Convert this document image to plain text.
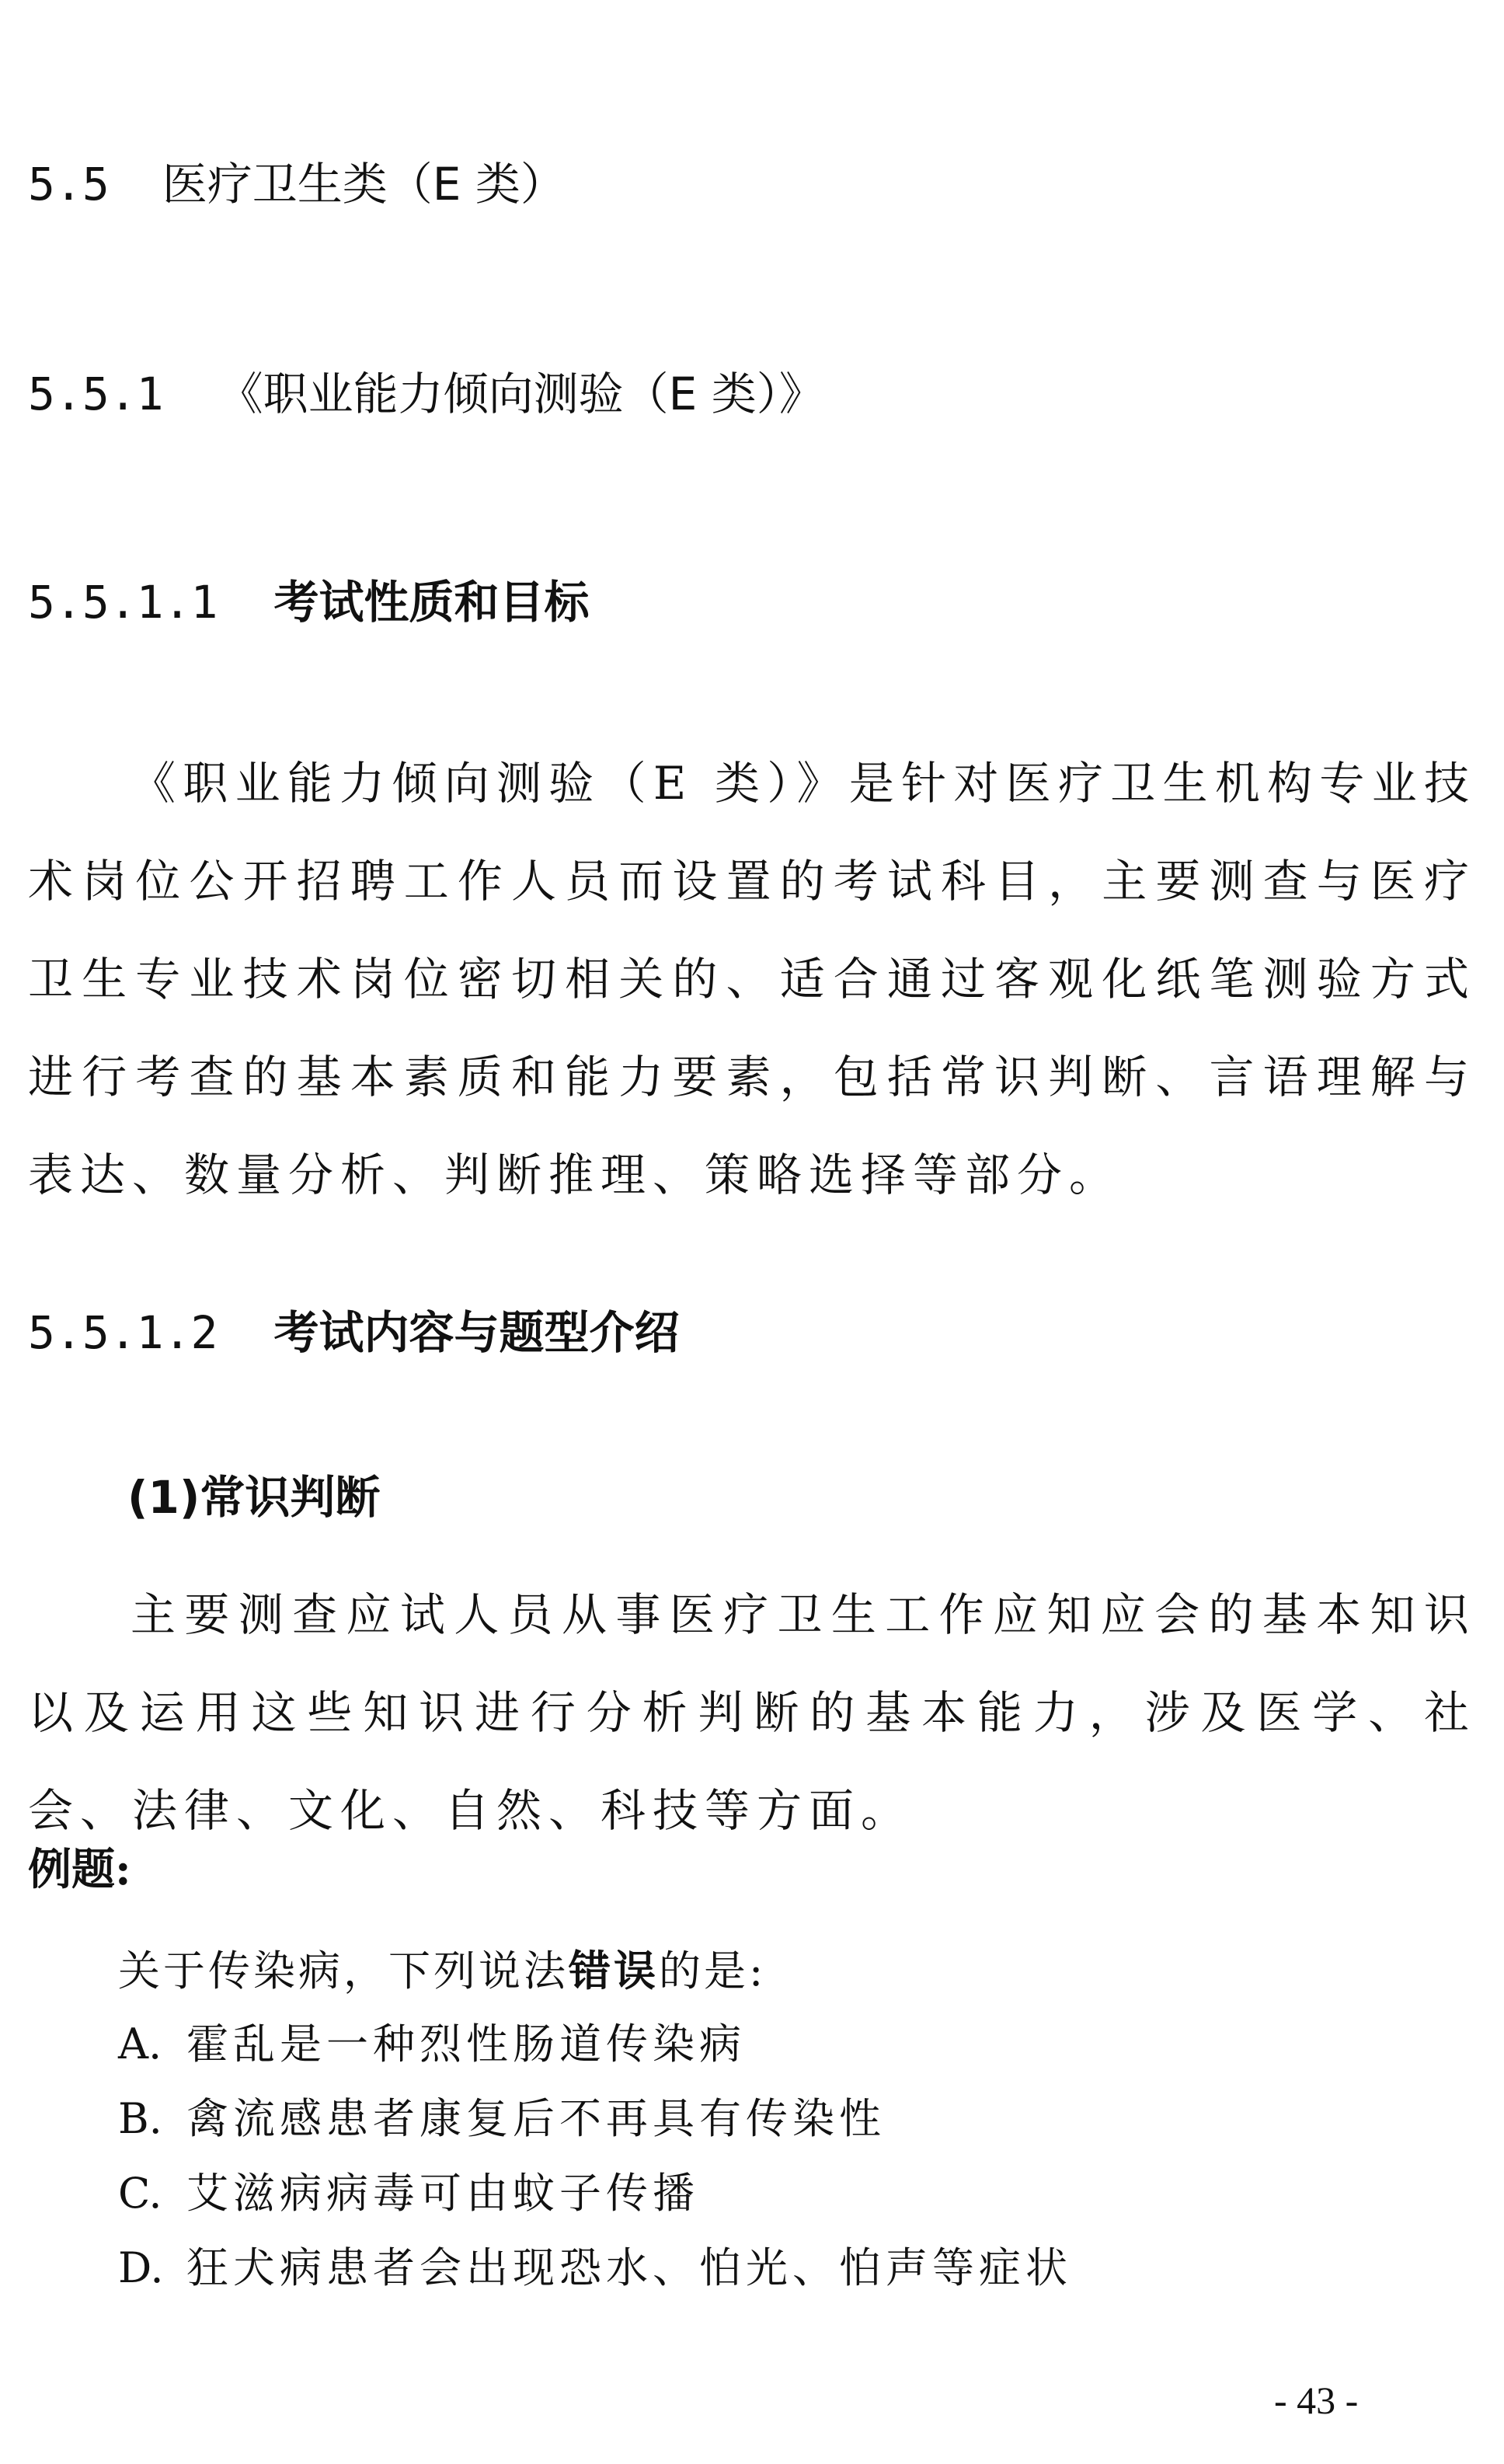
5.5 医疗卫生类（E 类）
5.5.1 《职业能力倾向测验（E 类）》
5.5.1.1 考试性质和目标

《职业能力倾向测验（E 类）》是针对医疗卫生机构专业技术岗位公开招聘工作人员而设置的考试科目，主要测查与医疗卫生专业技术岗位密切相关的、适合通过客观化纸笔测验方式进行考查的基本素质和能力要素，包括常识判断、言语理解与表达、数量分析、判断推理、策略选择等部分。

5.5.1.2 考试内容与题型介绍
(1)常识判断

主要测查应试人员从事医疗卫生工作应知应会的基本知识以及运用这些知识进行分析判断的基本能力，涉及医学、社会、法律、文化、自然、科技等方面。

例题:
关于传染病，下列说法错误的是:
A. 霍乱是一种烈性肠道传染病
B. 禽流感患者康复后不再具有传染性
C. 艾滋病病毒可由蚊子传播
D. 狂犬病患者会出现恐水、怕光、怕声等症状
- 43 -
